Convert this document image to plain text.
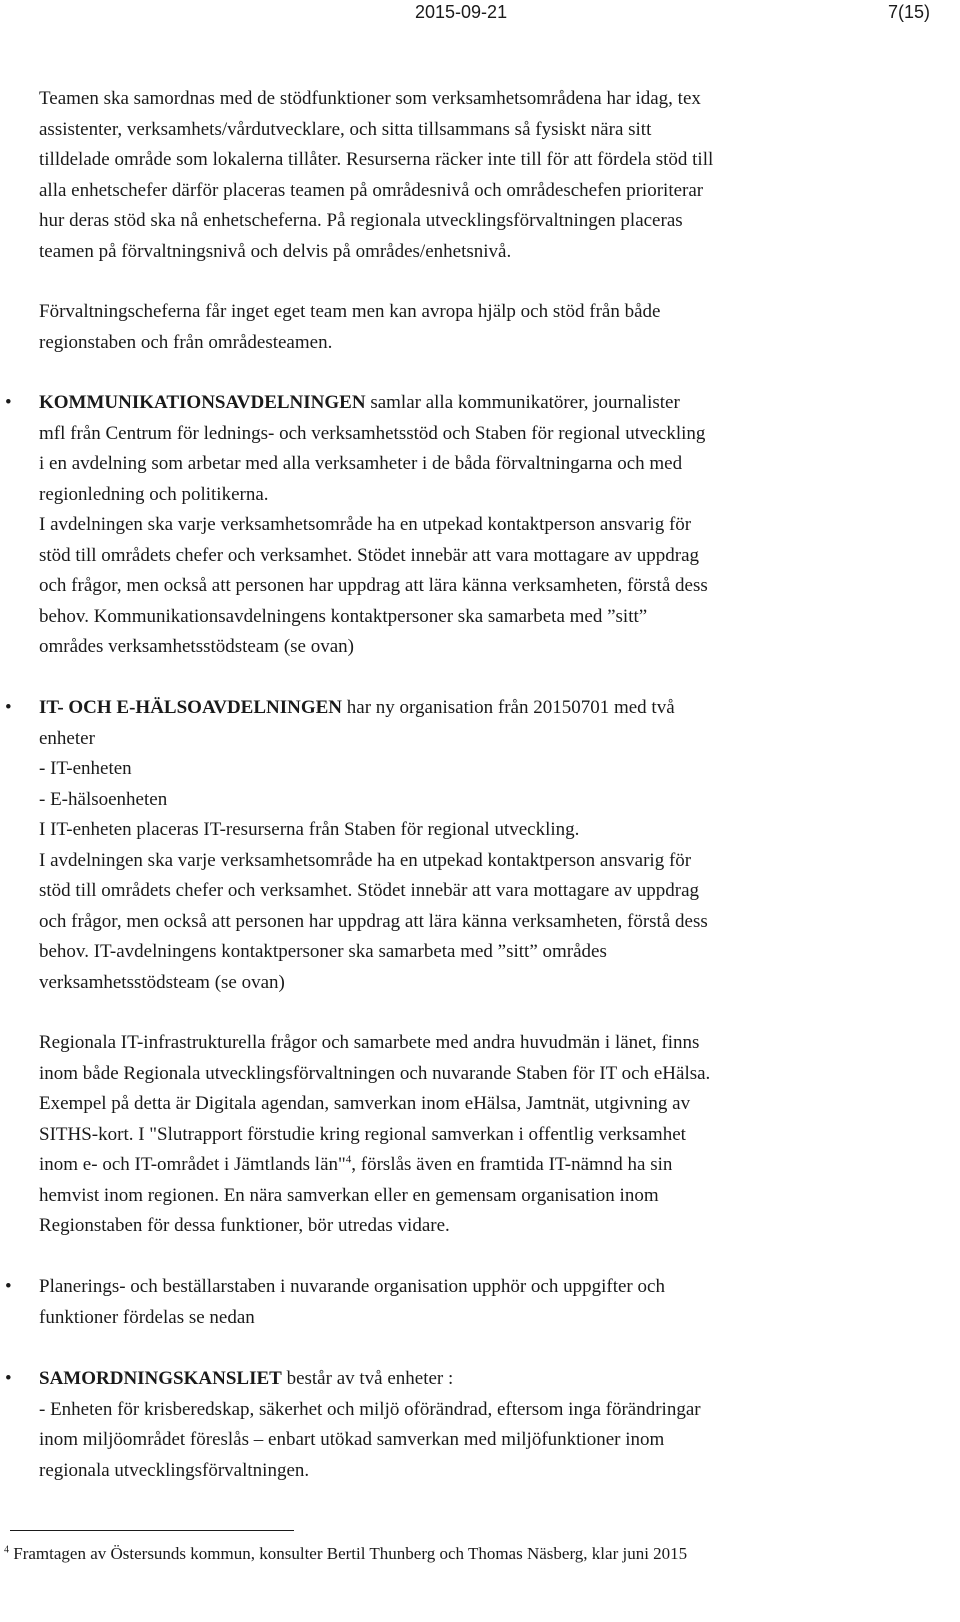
2015-09-21	7(15)
Teamen ska samordnas med de stödfunktioner som verksamhetsområdena har idag, tex
assistenter, verksamhets/vårdutvecklare, och sitta tillsammans så fysiskt nära sitt
tilldelade område som lokalerna tillåter. Resurserna räcker inte till för att fördela stöd till
alla enhetschefer därför placeras teamen på områdesnivå och områdeschefen prioriterar
hur deras stöd ska nå enhetscheferna. På regionala utvecklingsförvaltningen placeras
teamen på förvaltningsnivå och delvis på områdes/enhetsnivå.
Förvaltningscheferna får inget eget team men kan avropa hjälp och stöd från både
regionstaben och från områdesteamen.
• KOMMUNIKATIONSAVDELNINGEN samlar alla kommunikatörer, journalister
mfl från Centrum för lednings- och verksamhetsstöd och Staben för regional utveckling
i en avdelning som arbetar med alla verksamheter i de båda förvaltningarna och med
regionledning och politikerna.
I avdelningen ska varje verksamhetsområde ha en utpekad kontaktperson ansvarig för
stöd till områdets chefer och verksamhet. Stödet innebär att vara mottagare av uppdrag
och frågor, men också att personen har uppdrag att lära känna verksamheten, förstå dess
behov. Kommunikationsavdelningens kontaktpersoner ska samarbeta med ”sitt”
områdes verksamhetsstödsteam (se ovan)
• IT- OCH E-HÄLSOAVDELNINGEN har ny organisation från 20150701 med två
enheter
- IT-enheten
- E-hälsoenheten
I IT-enheten placeras IT-resurserna från Staben för regional utveckling.
I avdelningen ska varje verksamhetsområde ha en utpekad kontaktperson ansvarig för
stöd till områdets chefer och verksamhet. Stödet innebär att vara mottagare av uppdrag
och frågor, men också att personen har uppdrag att lära känna verksamheten, förstå dess
behov. IT-avdelningens kontaktpersoner ska samarbeta med ”sitt” områdes
verksamhetsstödsteam (se ovan)
Regionala IT-infrastrukturella frågor och samarbete med andra huvudmän i länet, finns
inom både Regionala utvecklingsförvaltningen och nuvarande Staben för IT och eHälsa.
Exempel på detta är Digitala agendan, samverkan inom eHälsa, Jamtnät, utgivning av
SITHS-kort. I "Slutrapport förstudie kring regional samverkan i offentlig verksamhet
inom e- och IT-området i Jämtlands län"$^4$, förslås även en framtida IT-nämnd ha sin
hemvist inom regionen. En nära samverkan eller en gemensam organisation inom
Regionstaben för dessa funktioner, bör utredas vidare.
• Planerings- och beställarstaben i nuvarande organisation upphör och uppgifter och
funktioner fördelas se nedan
• SAMORDNINGSKANSLIET består av två enheter :
- Enheten för krisberedskap, säkerhet och miljö oförändrad, eftersom inga förändringar
inom miljöområdet föreslås – enbart utökad samverkan med miljöfunktioner inom
regionala utvecklingsförvaltningen.
$^4$ Framtagen av Östersunds kommun, konsulter Bertil Thunberg och Thomas Näsberg, klar juni 2015
